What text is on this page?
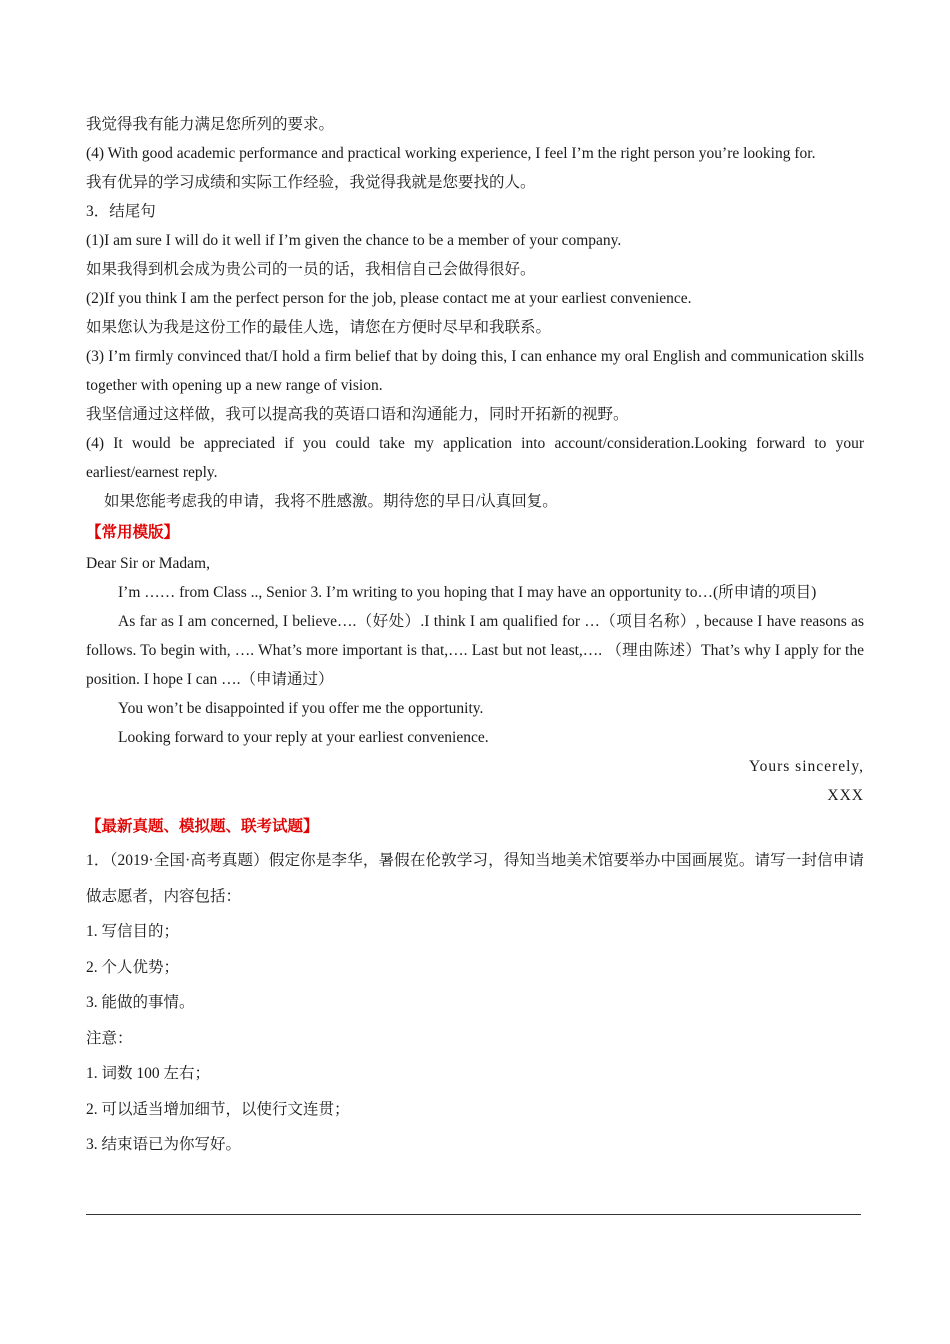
我觉得我有能力满足您所列的要求。

(4) With good academic performance and practical working experience, I feel I’m the right person you’re looking for.

我有优异的学习成绩和实际工作经验，我觉得我就是您要找的人。

3．结尾句

(1)I am sure I will do it well if I’m given the chance to be a member of your company.

如果我得到机会成为贵公司的一员的话，我相信自己会做得很好。

(2)If you think I am the perfect person for the job, please contact me at your earliest convenience.

如果您认为我是这份工作的最佳人选，请您在方便时尽早和我联系。

(3) I’m firmly convinced that/I hold a firm belief that by doing this, I can enhance my oral English and communication skills together with opening up a new range of vision.

我坚信通过这样做，我可以提高我的英语口语和沟通能力，同时开拓新的视野。

(4) It would be appreciated if you could take my application into account/consideration.Looking forward to your earliest/earnest reply.

如果您能考虑我的申请，我将不胜感激。期待您的早日/认真回复。

【常用模版】

Dear Sir or Madam,

I’m …… from Class .., Senior 3. I’m writing to you hoping that I may have an opportunity to…(所申请的项目)

As far as I am concerned, I believe….（好处）.I think I am qualified for …（项目名称）, because I have reasons as follows. To begin with, …. What’s more important is that,…. Last but not least,…. （理由陈述）That’s why I apply for the position. I hope I can ….（申请通过）

You won’t be disappointed if you offer me the opportunity.

Looking forward to your reply at your earliest convenience.

Yours sincerely,

XXX

【最新真题、模拟题、联考试题】

1．（2019·全国·高考真题）假定你是李华，暑假在伦敦学习，得知当地美术馆要举办中国画展览。请写一封信申请做志愿者，内容包括：

1. 写信目的；

2. 个人优势；

3. 能做的事情。

注意：

1. 词数 100 左右；

2. 可以适当增加细节，以使行文连贯；

3. 结束语已为你写好。
